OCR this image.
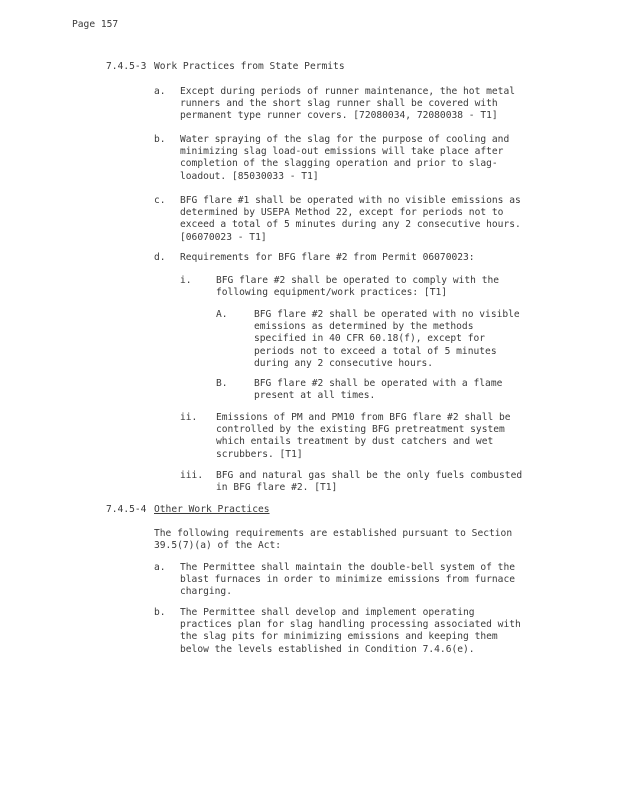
Page 157
7.4.5-3 Work Practices from State Permits
a. Except during periods of runner maintenance, the hot metal
runners and the short slag runner shall be covered with
permanent type runner covers. [72080034, 72080038 - T1]
b. Water spraying of the slag for the purpose of cooling and
minimizing slag load-out emissions will take place after
completion of the slagging operation and prior to slag-
loadout. [85030033 - T1]
c. BFG flare #1 shall be operated with no visible emissions as
determined by USEPA Method 22, except for periods not to
exceed a total of 5 minutes during any 2 consecutive hours.
[06070023 - T1]
d. Requirements for BFG flare #2 from Permit 06070023:
i.	BFG flare #2 shall be operated to comply with the
following equipment/work practices: [T1]
A.	BFG flare #2 shall be operated with no visible
emissions as determined by the methods
specified in 40 CFR 60.18(f), except for
periods not to exceed a total of 5 minutes
during any 2 consecutive hours.
B.	BFG flare #2 shall be operated with a flame
present at all times.
ii. Emissions of PM and PM10 from BFG flare #2 shall be
controlled by the existing BFG pretreatment system
which entails treatment by dust catchers and wet
scrubbers. [T1]
iii. BFG and natural gas shall be the only fuels combusted
in BFG flare #2. [T1]
7.4.5-4 Other Work Practices
The following requirements are established pursuant to Section
39.5(7)(a) of the Act:
a. The Permittee shall maintain the double-bell system of the
blast furnaces in order to minimize emissions from furnace
charging.
b. The Permittee shall develop and implement operating
practices plan for slag handling processing associated with
the slag pits for minimizing emissions and keeping them
below the levels established in Condition 7.4.6(e).
